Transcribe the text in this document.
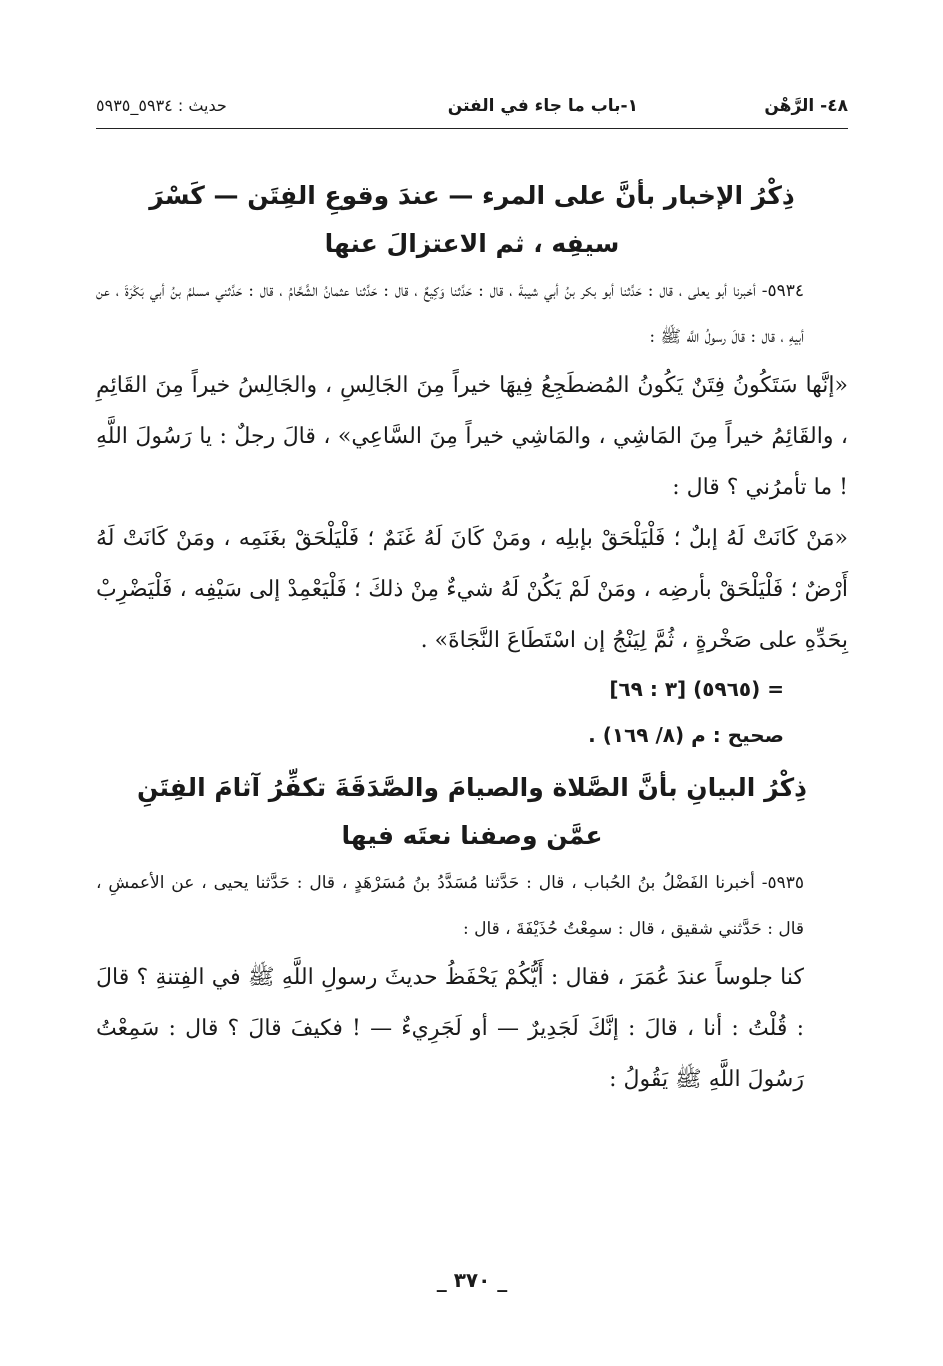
٤٨- الرَّهْن
١-باب ما جاء في الفتن
حديث : ٥٩٣٤_٥٩٣٥

ذِكْرُ الإخبار بأنَّ على المرء — عندَ وقوعِ الفِتَن — كَسْرَ

سيفِه ، ثم الاعتزالَ عنها

٥٩٣٤- أخبرنا أبو يعلى ، قال : حَدَّثنا أبو بكر بنُ أبي شيبةَ ، قال : حَدَّثنا وَكِيعٌ ، قال : حَدَّثنا عثمانُ الشَّحَّامُ ، قال : حَدَّثني مسلمُ بنُ أبي بَكْرَةَ ، عن أبيهِ ، قال : قالَ رسولُ اللَّه ﷺ :

«إنَّها سَتَكُونُ فِتَنٌ يَكُونُ المُضطَجِعُ فِيهَا خيراً مِنَ الجَالِسِ ، والجَالِسُ خيراً مِنَ القَائِمِ ، والقَائِمُ خيراً مِنَ المَاشِي ، والمَاشِي خيراً مِنَ السَّاعِي» ، قالَ رجلٌ : يا رَسُولَ اللَّهِ ! ما تأمرُني ؟ قال :

«مَنْ كَانَتْ لَهُ إبلٌ ؛ فَلْيَلْحَقْ بإبلِه ، ومَنْ كَانَ لَهُ غَنَمٌ ؛ فَلْيَلْحَقْ بغَنَمِه ، ومَنْ كَانَتْ لَهُ أَرْضٌ ؛ فَلْيَلْحَقْ بأرضِه ، ومَنْ لَمْ يَكُنْ لَهُ شيءٌ مِنْ ذلكَ ؛ فَلْيَعْمِدْ إلى سَيْفِه ، فَلْيَضْرِبْ بِحَدِّهِ على صَخْرةٍ ، ثُمَّ لِيَنْجُ إن اسْتَطَاعَ النَّجَاةَ» .

= (٥٩٦٥) [٣ : ٦٩]

صحيح : م (٨/ ١٦٩) .

ذِكْرُ البيانِ بأنَّ الصَّلاة والصيامَ والصَّدَقَةَ تكفِّرُ آثامَ الفِتَنِ

عمَّن وصفنا نعتَه فيها

٥٩٣٥- أخبرنا الفَضْلُ بنُ الحُباب ، قال : حَدَّثنا مُسَدَّدُ بنُ مُسَرْهَدٍ ، قال : حَدَّثنا يحيى ، عن الأعمشِ ، قال : حَدَّثني شقيق ، قال : سمِعْتُ حُذَيْفَةَ ، قال :

كنا جلوساً عندَ عُمَرَ ، فقال : أَيُّكُمْ يَحْفَظُ حديثَ رسولِ اللَّهِ ﷺ في الفِتنةِ ؟ قالَ : قُلْتُ : أنا ، قالَ : إنَّكَ لَجَدِيرٌ — أو لَجَرِيءٌ — ! فكيفَ قالَ ؟ قال : سَمِعْتُ رَسُولَ اللَّهِ ﷺ يَقُولُ :

_ ٣٧٠ _
